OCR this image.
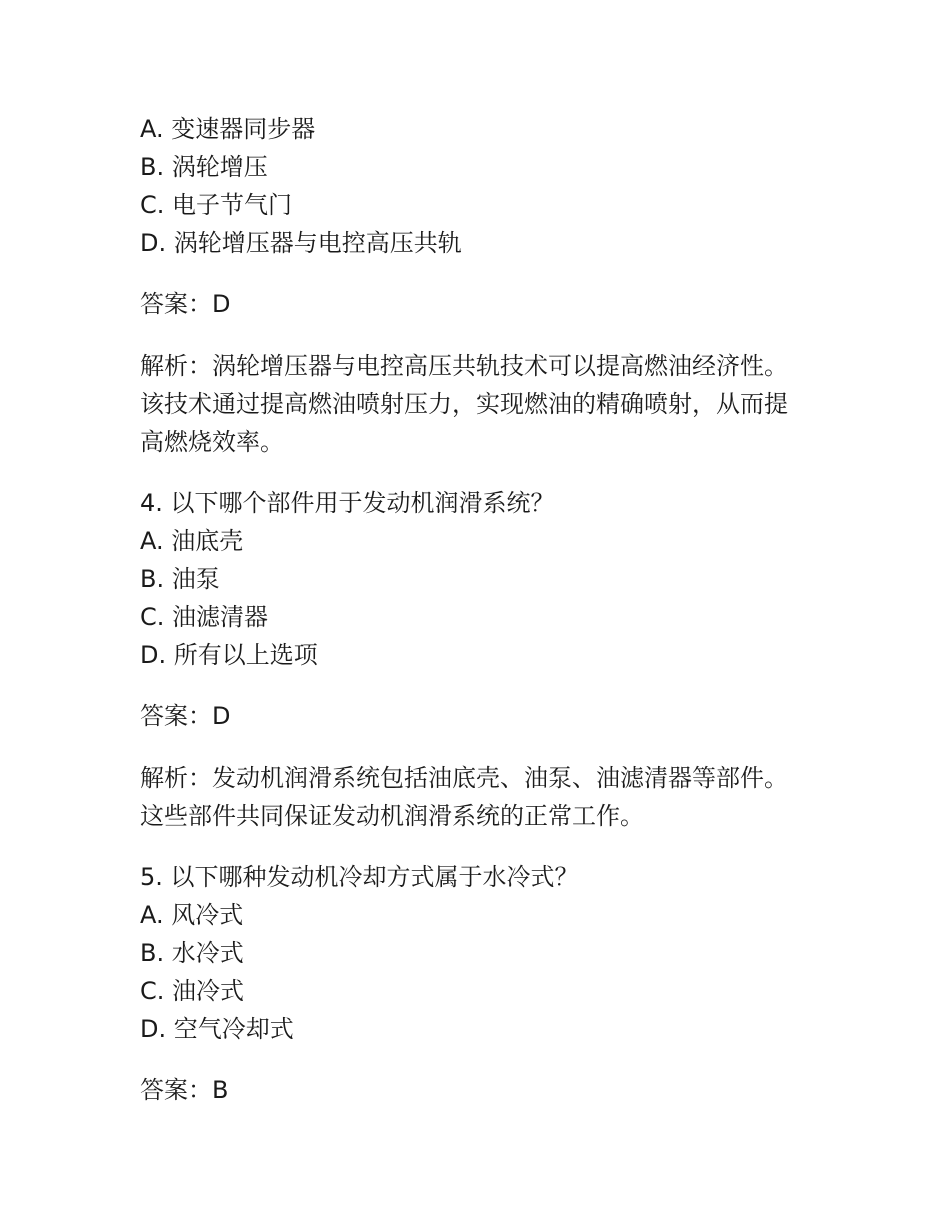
A. 变速器同步器
B. 涡轮增压
C. 电子节气门
D. 涡轮增压器与电控高压共轨
答案：D
解析：涡轮增压器与电控高压共轨技术可以提高燃油经济性。
该技术通过提高燃油喷射压力，实现燃油的精确喷射，从而提
高燃烧效率。
4. 以下哪个部件用于发动机润滑系统？
A. 油底壳
B. 油泵
C. 油滤清器
D. 所有以上选项
答案：D
解析：发动机润滑系统包括油底壳、油泵、油滤清器等部件。
这些部件共同保证发动机润滑系统的正常工作。
5. 以下哪种发动机冷却方式属于水冷式？
A. 风冷式
B. 水冷式
C. 油冷式
D. 空气冷却式
答案：B
